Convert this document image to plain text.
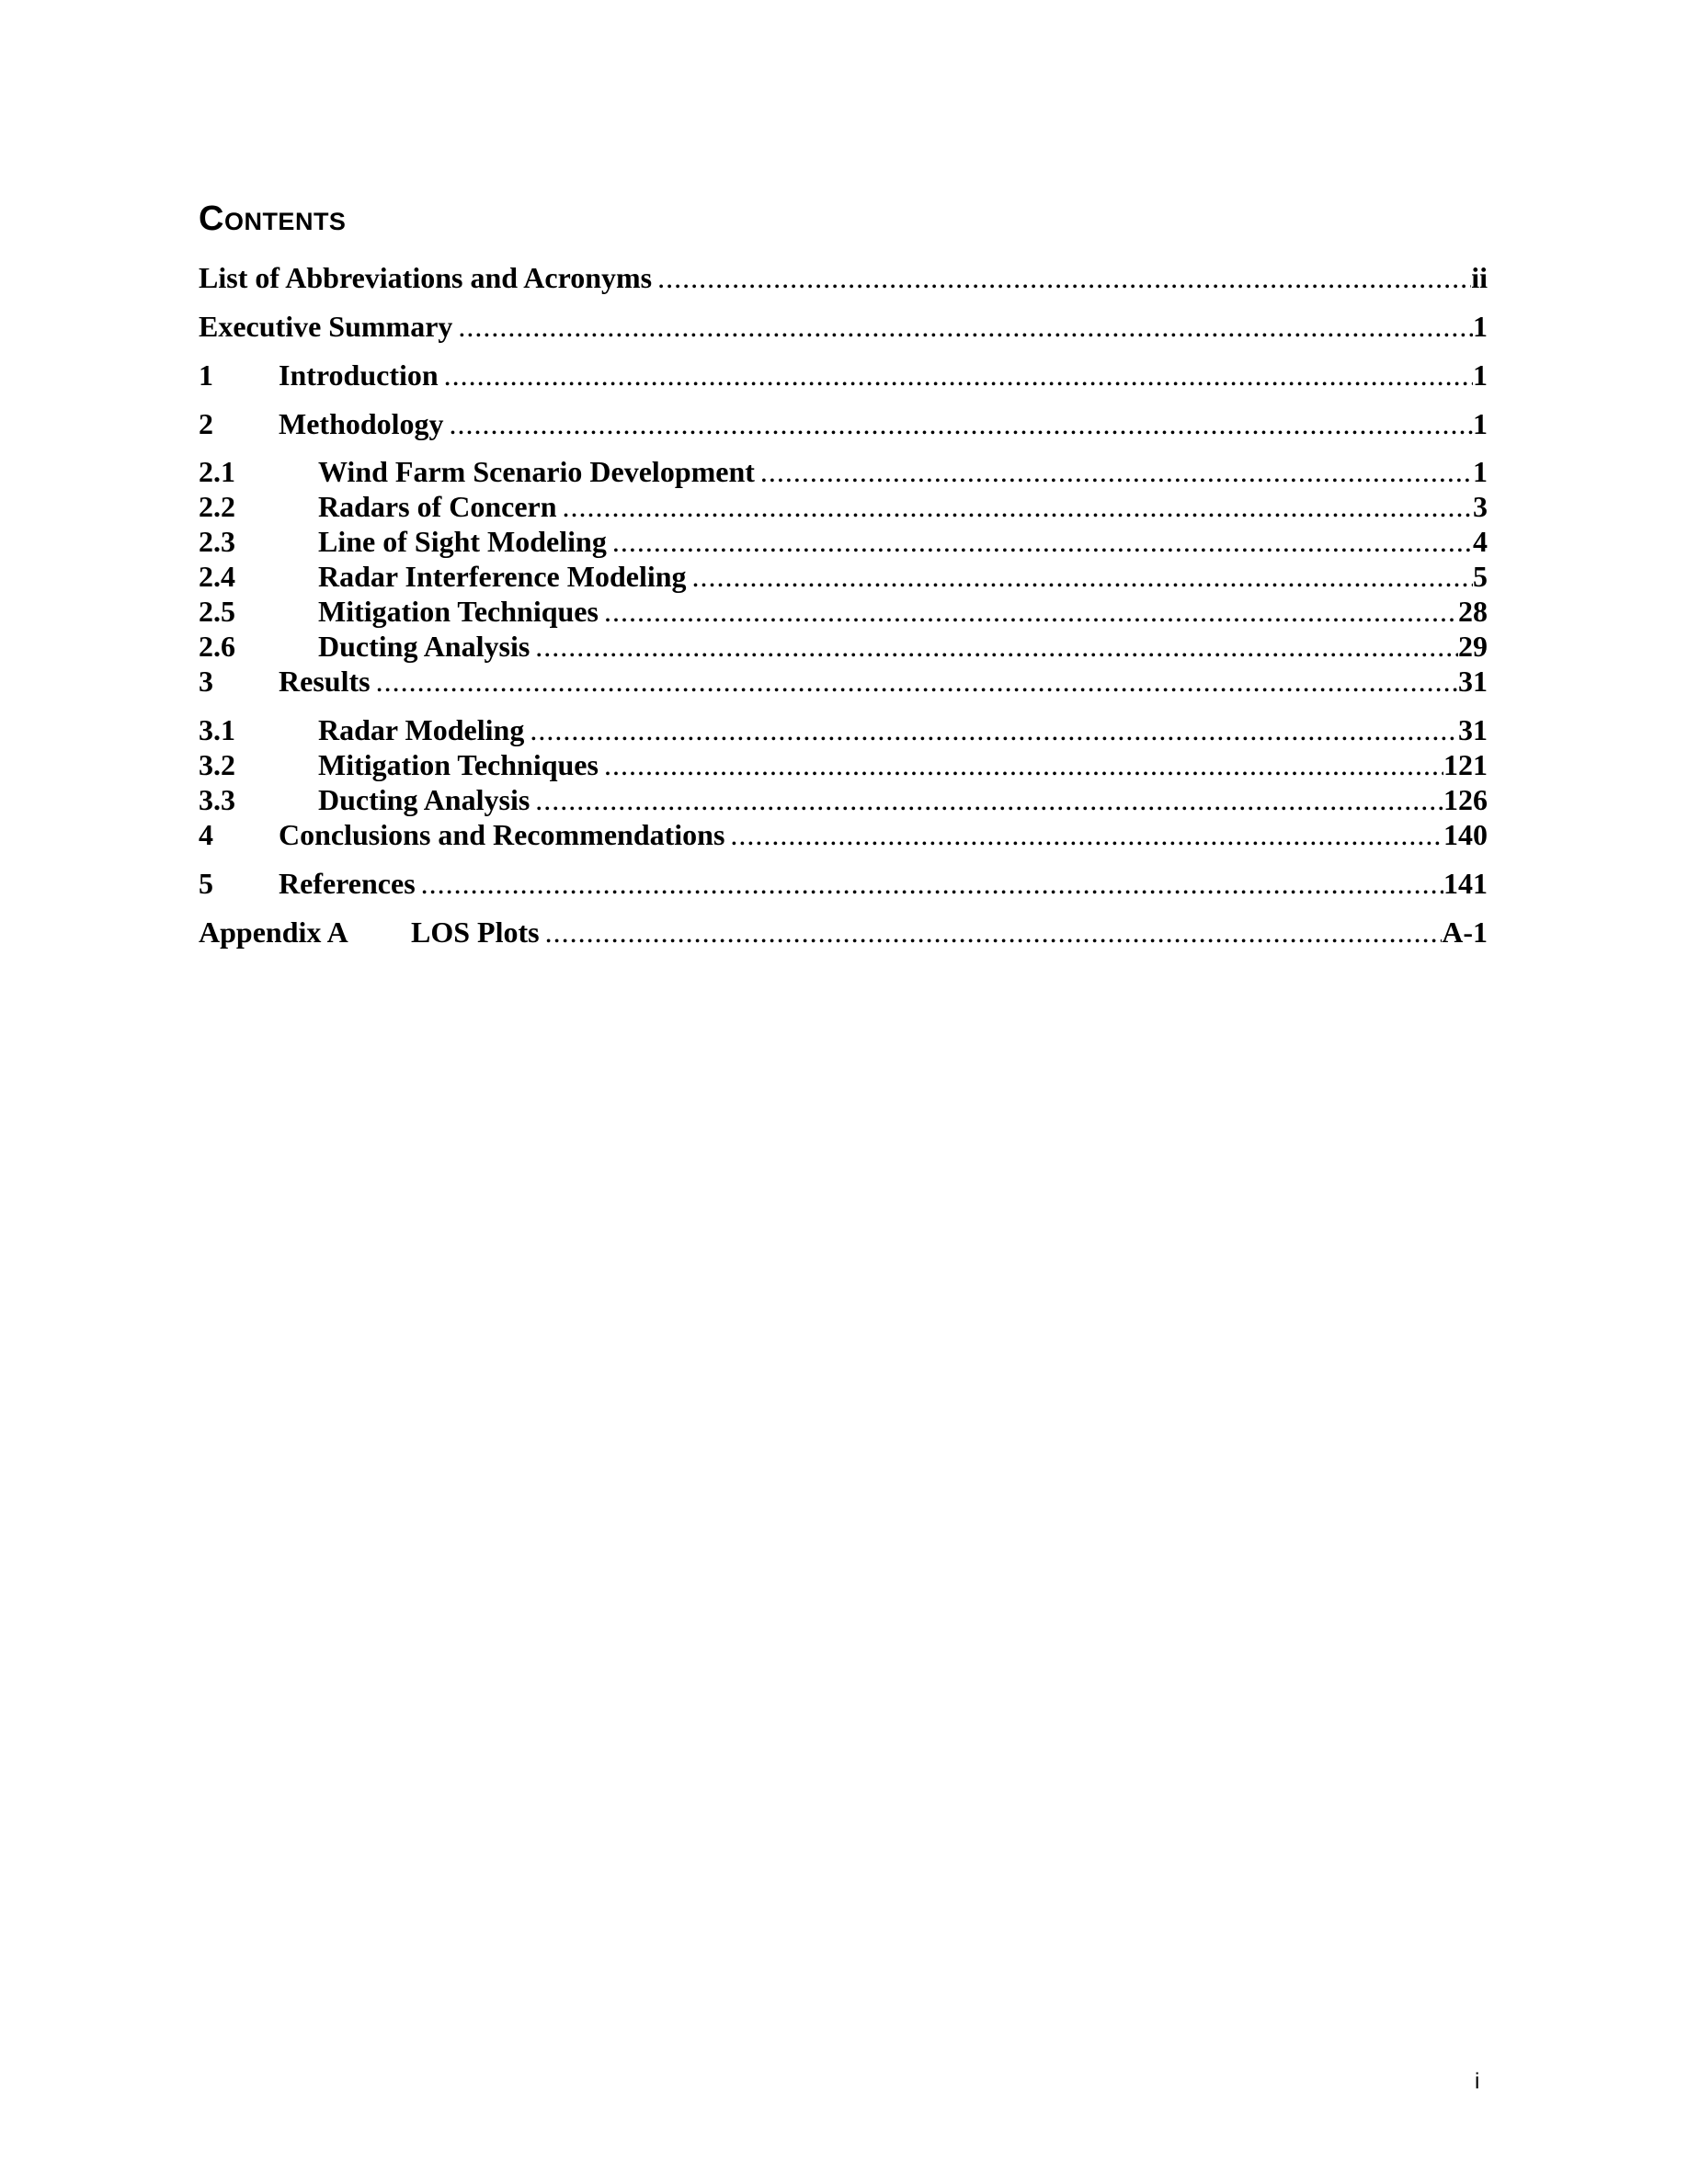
Contents
List of Abbreviations and Acronyms .....	ii
Executive Summary .....	1
1	Introduction .....	1
2	Methodology .....	1
2.1	Wind Farm Scenario Development .....	1
2.2	Radars of Concern .....	3
2.3	Line of Sight Modeling .....	4
2.4	Radar Interference Modeling .....	5
2.5	Mitigation Techniques .....	28
2.6	Ducting Analysis .....	29
3	Results .....	31
3.1	Radar Modeling .....	31
3.2	Mitigation Techniques .....	121
3.3	Ducting Analysis .....	126
4	Conclusions and Recommendations .....	140
5	References .....	141
Appendix A	LOS Plots .....	A-1
i
